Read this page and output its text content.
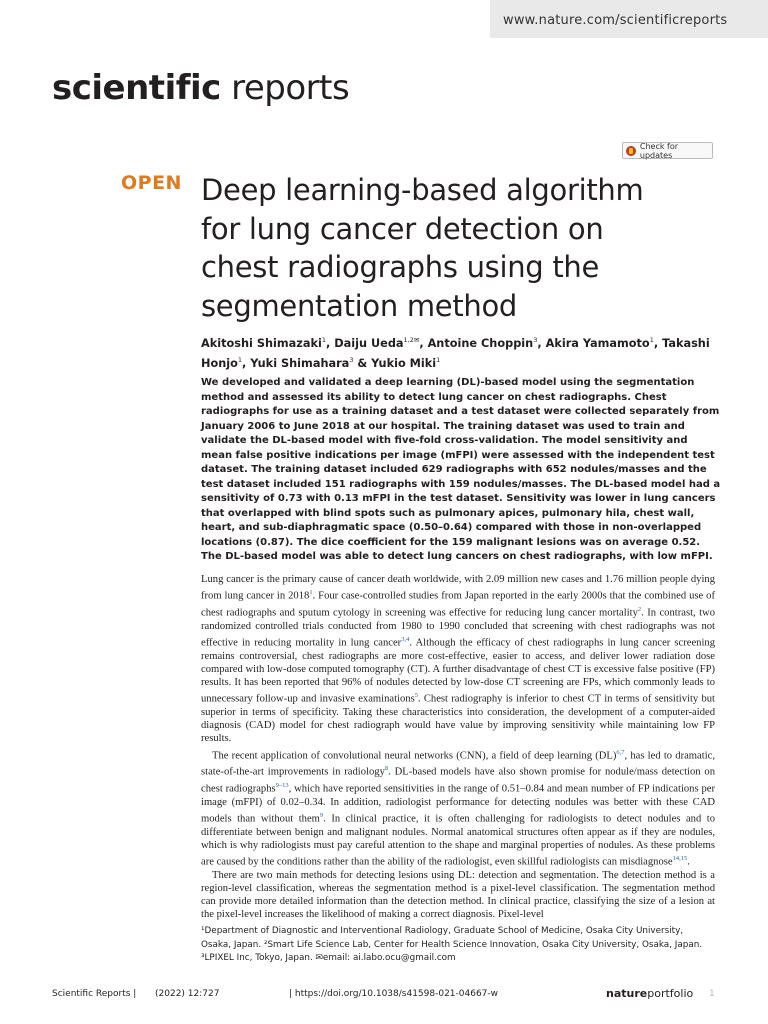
www.nature.com/scientificreports
scientific reports
Check for updates
OPEN Deep learning-based algorithm for lung cancer detection on chest radiographs using the segmentation method
Akitoshi Shimazaki$^1$, Daiju Ueda$^{1,2✉}$, Antoine Choppin$^3$, Akira Yamamoto$^1$, Takashi Honjo$^1$, Yuki Shimahara$^3$ & Yukio Miki$^1$
We developed and validated a deep learning (DL)-based model using the segmentation method and assessed its ability to detect lung cancer on chest radiographs. Chest radiographs for use as a training dataset and a test dataset were collected separately from January 2006 to June 2018 at our hospital. The training dataset was used to train and validate the DL-based model with five-fold cross-validation. The model sensitivity and mean false positive indications per image (mFPI) were assessed with the independent test dataset. The training dataset included 629 radiographs with 652 nodules/masses and the test dataset included 151 radiographs with 159 nodules/masses. The DL-based model had a sensitivity of 0.73 with 0.13 mFPI in the test dataset. Sensitivity was lower in lung cancers that overlapped with blind spots such as pulmonary apices, pulmonary hila, chest wall, heart, and sub-diaphragmatic space (0.50–0.64) compared with those in non-overlapped locations (0.87). The dice coefficient for the 159 malignant lesions was on average 0.52. The DL-based model was able to detect lung cancers on chest radiographs, with low mFPI.

Lung cancer is the primary cause of cancer death worldwide, with 2.09 million new cases and 1.76 million people dying from lung cancer in 2018$^1$. Four case-controlled studies from Japan reported in the early 2000s that the combined use of chest radiographs and sputum cytology in screening was effective for reducing lung cancer mortality$^2$. In contrast, two randomized controlled trials conducted from 1980 to 1990 concluded that screening with chest radiographs was not effective in reducing mortality in lung cancer$^{3,4}$. Although the efficacy of chest radiographs in lung cancer screening remains controversial, chest radiographs are more cost-effective, easier to access, and deliver lower radiation dose compared with low-dose computed tomography (CT). A further disadvantage of chest CT is excessive false positive (FP) results. It has been reported that 96% of nodules detected by low-dose CT screening are FPs, which commonly leads to unnecessary follow-up and invasive examinations$^5$. Chest radiography is inferior to chest CT in terms of sensitivity but superior in terms of specificity. Taking these characteristics into consideration, the development of a computer-aided diagnosis (CAD) model for chest radiograph would have value by improving sensitivity while maintaining low FP results.

The recent application of convolutional neural networks (CNN), a field of deep learning (DL)$^{6,7}$, has led to dramatic, state-of-the-art improvements in radiology$^8$. DL-based models have also shown promise for nodule/mass detection on chest radiographs$^{9-13}$, which have reported sensitivities in the range of 0.51–0.84 and mean number of FP indications per image (mFPI) of 0.02–0.34. In addition, radiologist performance for detecting nodules was better with these CAD models than without them$^9$. In clinical practice, it is often challenging for radiologists to detect nodules and to differentiate between benign and malignant nodules. Normal anatomical structures often appear as if they are nodules, which is why radiologists must pay careful attention to the shape and marginal properties of nodules. As these problems are caused by the conditions rather than the ability of the radiologist, even skillful radiologists can misdiagnose$^{14,15}$.

There are two main methods for detecting lesions using DL: detection and segmentation. The detection method is a region-level classification, whereas the segmentation method is a pixel-level classification. The segmentation method can provide more detailed information than the detection method. In clinical practice, classifying the size of a lesion at the pixel-level increases the likelihood of making a correct diagnosis. Pixel-level

¹Department of Diagnostic and Interventional Radiology, Graduate School of Medicine, Osaka City University, Osaka, Japan. ²Smart Life Science Lab, Center for Health Science Innovation, Osaka City University, Osaka, Japan. ³LPIXEL Inc, Tokyo, Japan. ✉email: ai.labo.ocu@gmail.com
Scientific Reports | (2022) 12:727	| https://doi.org/10.1038/s41598-021-04667-w	natureportfolio 1
